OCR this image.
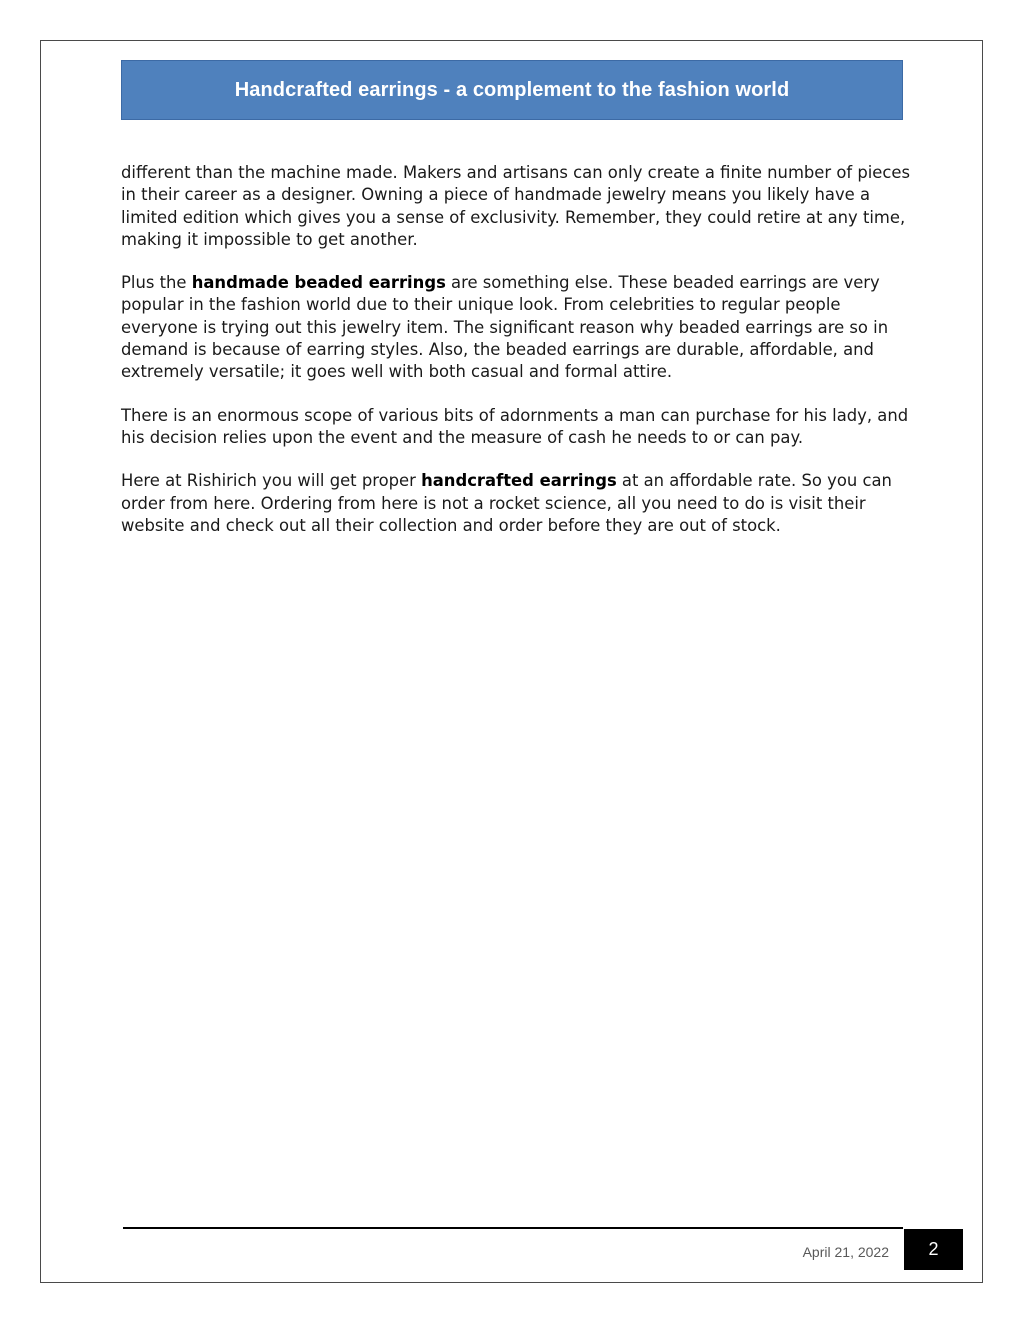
Handcrafted earrings - a complement to the fashion world

different than the machine made. Makers and artisans can only create a finite number of pieces in their career as a designer. Owning a piece of handmade jewelry means you likely have a limited edition which gives you a sense of exclusivity. Remember, they could retire at any time, making it impossible to get another.

Plus the handmade beaded earrings are something else. These beaded earrings are very popular in the fashion world due to their unique look. From celebrities to regular people everyone is trying out this jewelry item. The significant reason why beaded earrings are so in demand is because of earring styles. Also, the beaded earrings are durable, affordable, and extremely versatile; it goes well with both casual and formal attire.

There is an enormous scope of various bits of adornments a man can purchase for his lady, and his decision relies upon the event and the measure of cash he needs to or can pay.

Here at Rishirich you will get proper handcrafted earrings at an affordable rate. So you can order from here. Ordering from here is not a rocket science, all you need to do is visit their website and check out all their collection and order before they are out of stock.

April 21, 2022 2
